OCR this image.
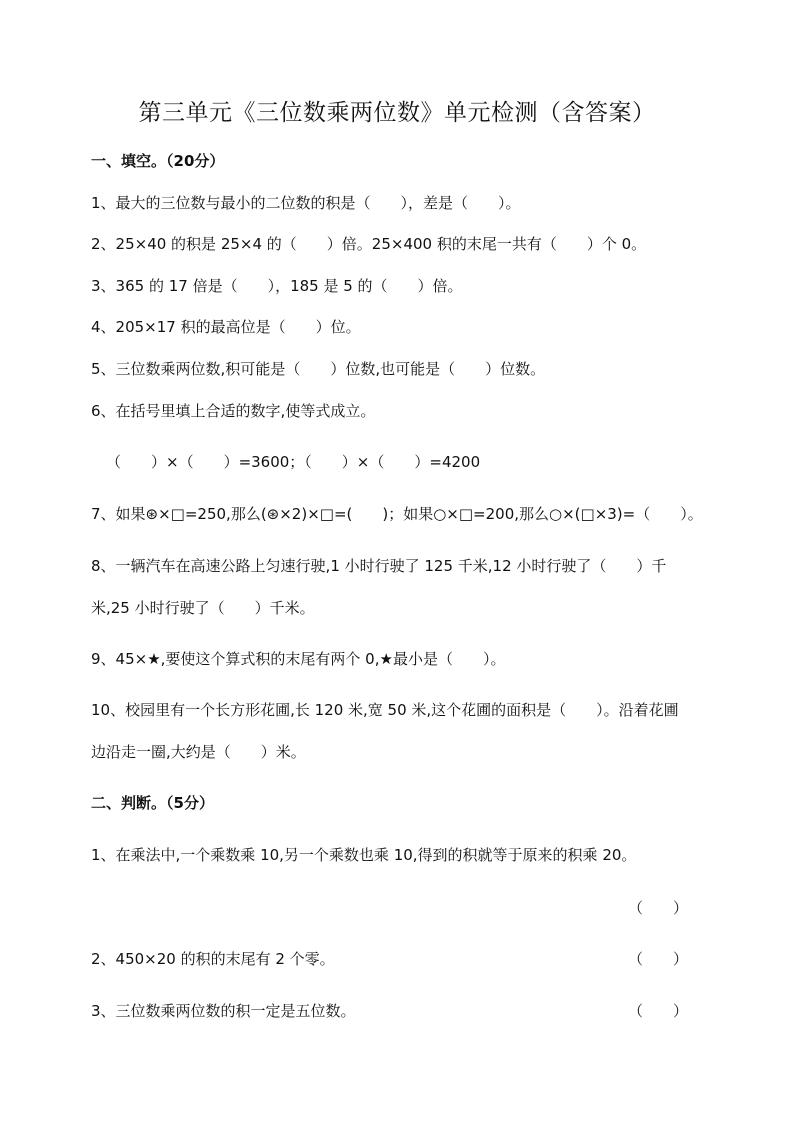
第三单元《三位数乘两位数》单元检测（含答案）

一、填空。（20分）

1、最大的三位数与最小的二位数的积是（　　），差是（　　）。

2、25×40 的积是 25×4 的（　　）倍。25×400 积的末尾一共有（　　）个 0。

3、365 的 17 倍是（　　），185 是 5 的（　　）倍。

4、205×17 积的最高位是（　　）位。

5、三位数乘两位数,积可能是（　　）位数,也可能是（　　）位数。

6、在括号里填上合适的数字,使等式成立。

（　　）×（　　）=3600；（　　）×（　　）=4200

7、如果⊛×□=250,那么(⊛×2)×□=(　　)；如果○×□=200,那么○×(□×3)=（　　）。

8、一辆汽车在高速公路上匀速行驶,1 小时行驶了 125 千米,12 小时行驶了（　　）千

米,25 小时行驶了（　　）千米。

9、45×★,要使这个算式积的末尾有两个 0,★最小是（　　）。

10、校园里有一个长方形花圃,长 120 米,宽 50 米,这个花圃的面积是（　　）。沿着花圃

边沿走一圈,大约是（　　）米。

二、判断。（5分）

1、在乘法中,一个乘数乘 10,另一个乘数也乘 10,得到的积就等于原来的积乘 20。

（　　）

2、450×20 的积的末尾有 2 个零。	（　　）

3、三位数乘两位数的积一定是五位数。	（　　）
